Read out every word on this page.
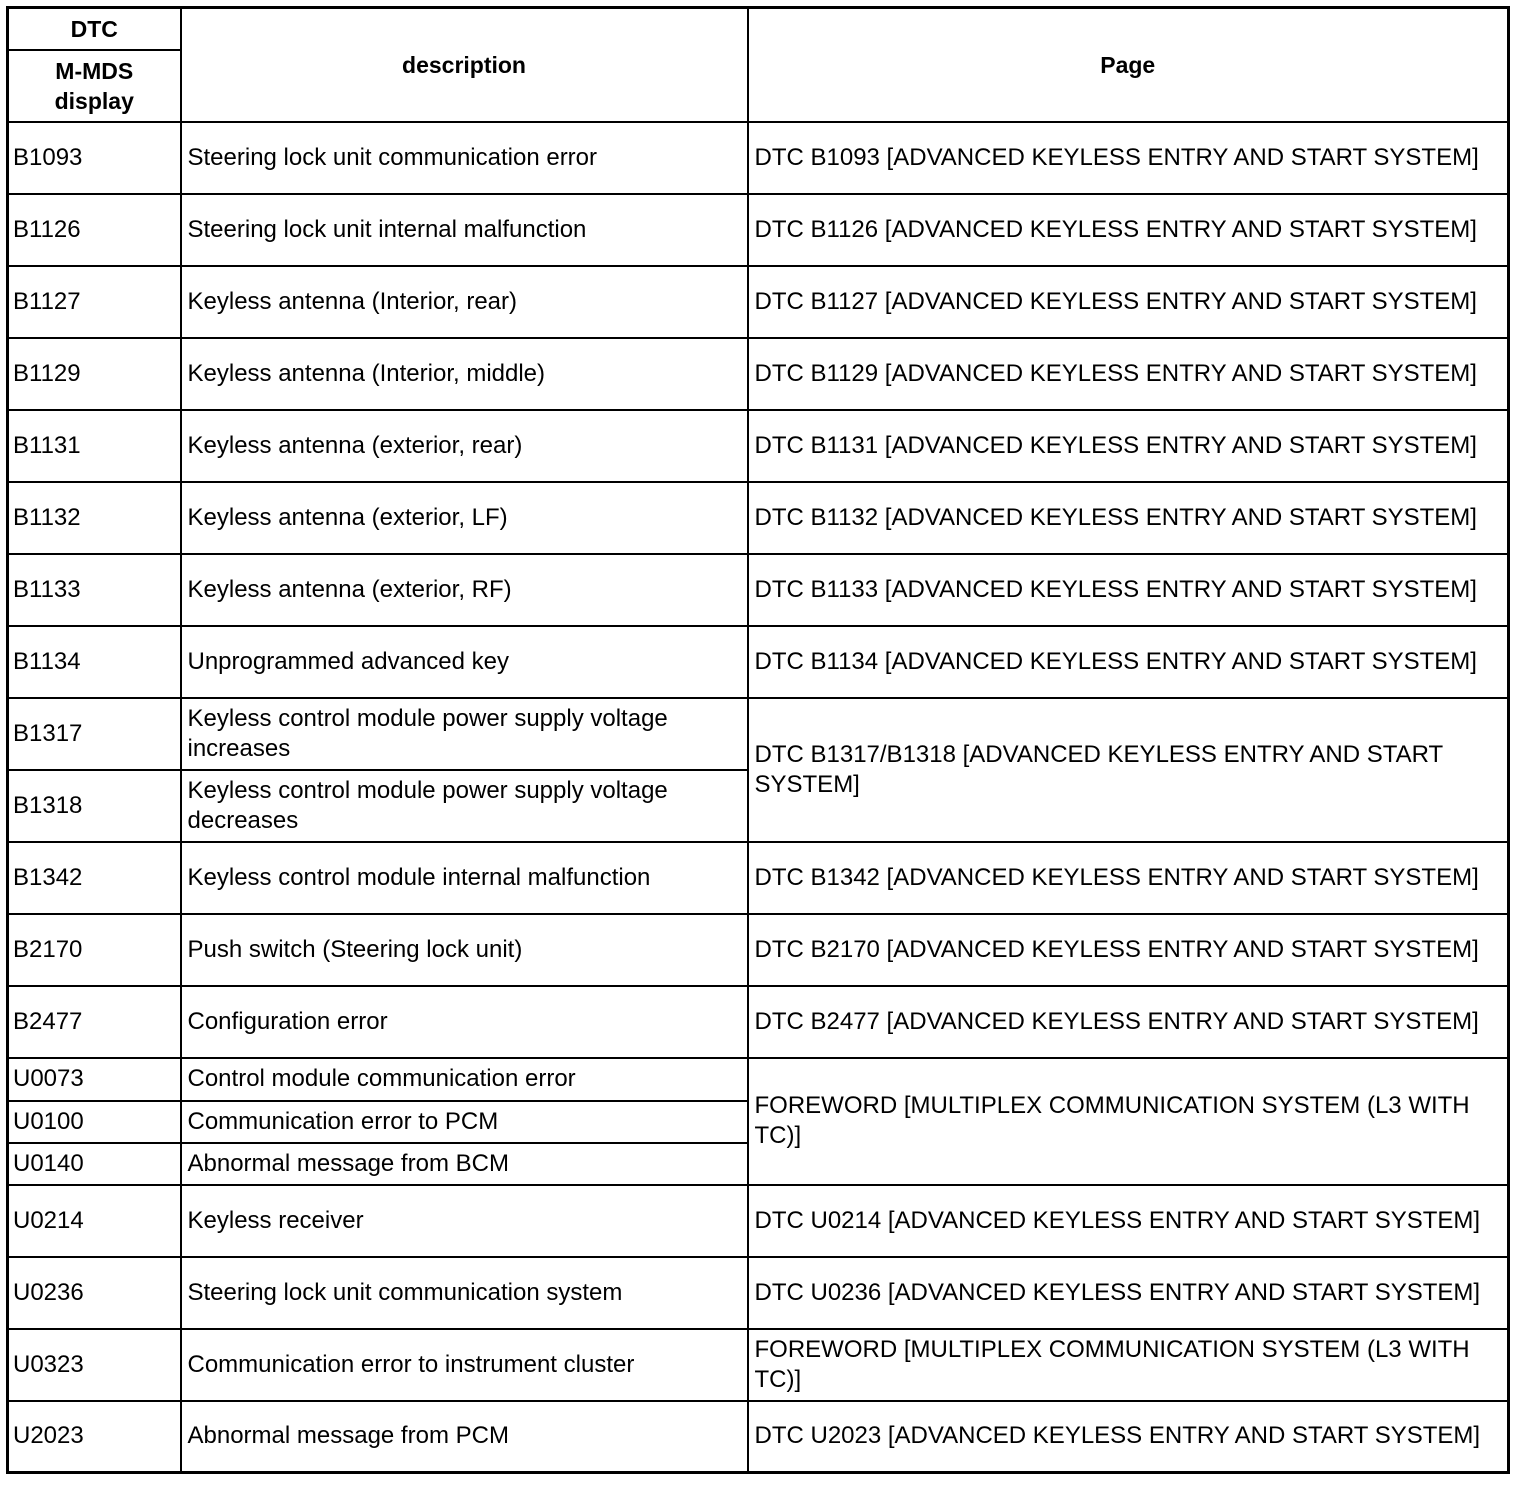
DTC	description	Page
M-MDS display		
B1093	Steering lock unit communication error	DTC B1093 [ADVANCED KEYLESS ENTRY AND START SYSTEM]
B1126	Steering lock unit internal malfunction	DTC B1126 [ADVANCED KEYLESS ENTRY AND START SYSTEM]
B1127	Keyless antenna (Interior, rear)	DTC B1127 [ADVANCED KEYLESS ENTRY AND START SYSTEM]
B1129	Keyless antenna (Interior, middle)	DTC B1129 [ADVANCED KEYLESS ENTRY AND START SYSTEM]
B1131	Keyless antenna (exterior, rear)	DTC B1131 [ADVANCED KEYLESS ENTRY AND START SYSTEM]
B1132	Keyless antenna (exterior, LF)	DTC B1132 [ADVANCED KEYLESS ENTRY AND START SYSTEM]
B1133	Keyless antenna (exterior, RF)	DTC B1133 [ADVANCED KEYLESS ENTRY AND START SYSTEM]
B1134	Unprogrammed advanced key	DTC B1134 [ADVANCED KEYLESS ENTRY AND START SYSTEM]
B1317	Keyless control module power supply voltage increases	DTC B1317/B1318 [ADVANCED KEYLESS ENTRY AND START SYSTEM]
B1318	Keyless control module power supply voltage decreases	
B1342	Keyless control module internal malfunction	DTC B1342 [ADVANCED KEYLESS ENTRY AND START SYSTEM]
B2170	Push switch (Steering lock unit)	DTC B2170 [ADVANCED KEYLESS ENTRY AND START SYSTEM]
B2477	Configuration error	DTC B2477 [ADVANCED KEYLESS ENTRY AND START SYSTEM]
U0073	Control module communication error	FOREWORD [MULTIPLEX COMMUNICATION SYSTEM (L3 WITH TC)]
U0100	Communication error to PCM	
U0140	Abnormal message from BCM	
U0214	Keyless receiver	DTC U0214 [ADVANCED KEYLESS ENTRY AND START SYSTEM]
U0236	Steering lock unit communication system	DTC U0236 [ADVANCED KEYLESS ENTRY AND START SYSTEM]
U0323	Communication error to instrument cluster	FOREWORD [MULTIPLEX COMMUNICATION SYSTEM (L3 WITH TC)]
U2023	Abnormal message from PCM	DTC U2023 [ADVANCED KEYLESS ENTRY AND START SYSTEM]
